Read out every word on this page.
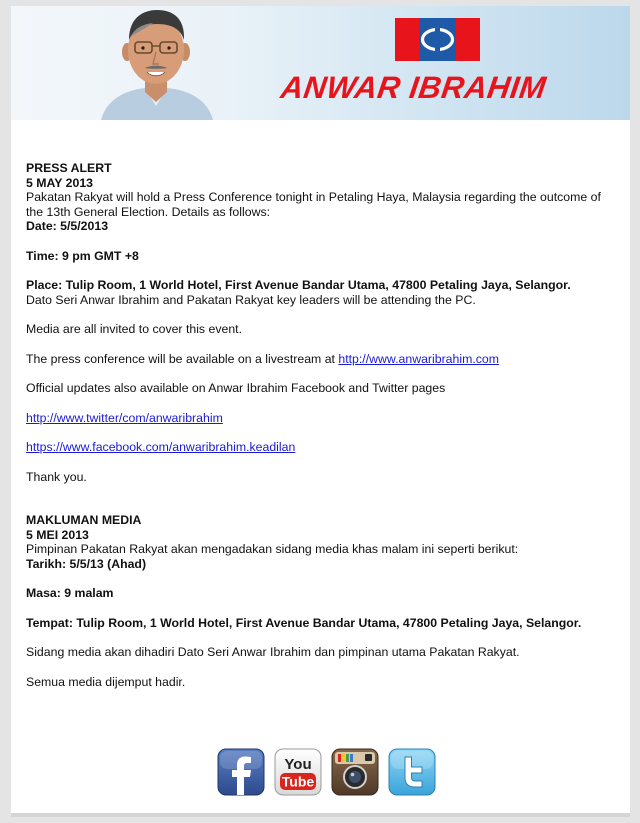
ANWAR IBRAHIM

PRESS ALERT

5 MAY 2013

Pakatan Rakyat will hold a Press Conference tonight in Petaling Haya, Malaysia regarding the outcome of the 13th General Election. Details as follows:

Date: 5/5/2013

Time: 9 pm GMT +8

Place: Tulip Room, 1 World Hotel, First Avenue Bandar Utama, 47800 Petaling Jaya, Selangor.

Dato Seri Anwar Ibrahim and Pakatan Rakyat key leaders will be attending the PC.

Media are all invited to cover this event.

The press conference will be available on a livestream at http://www.anwaribrahim.com

Official updates also available on Anwar Ibrahim Facebook and Twitter pages

http://www.twitter/com/anwaribrahim

https://www.facebook.com/anwaribrahim.keadilan

Thank you.

MAKLUMAN MEDIA

5 MEI 2013

Pimpinan Pakatan Rakyat akan mengadakan sidang media khas malam ini seperti berikut:

Tarikh: 5/5/13 (Ahad)

Masa: 9 malam

Tempat: Tulip Room, 1 World Hotel, First Avenue Bandar Utama, 47800 Petaling Jaya, Selangor.

Sidang media akan dihadiri Dato Seri Anwar Ibrahim dan pimpinan utama Pakatan Rakyat.

Semua media dijemput hadir.

You
Tube
